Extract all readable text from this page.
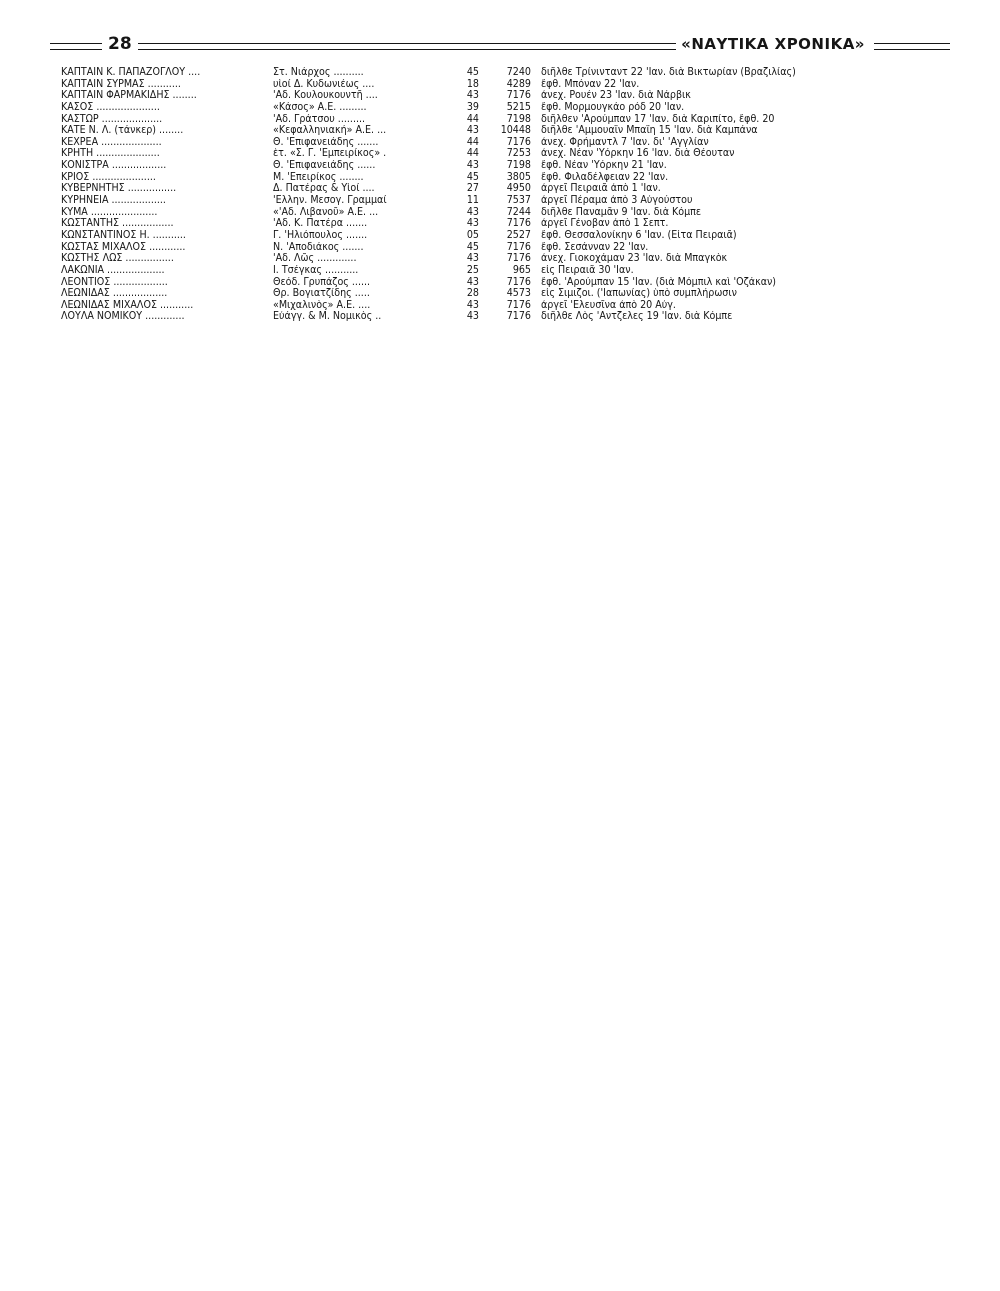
28	«ΝΑΥΤΙΚΑ ΧΡΟΝΙΚΑ»
ΚΑΠΤΑΙΝ Κ. ΠΑΠΑΖΟΓΛΟΥ ....	Στ. Νιάρχος ..........	45	7240 διῆλθε Τρίνινταντ 22 'Ιαν. διὰ Βικτωρίαν (Βραζιλίας)
ΚΑΠΤΑΙΝ ΣΥΡΜΑΣ ...........	υἱοί Δ. Κυδωνιέως ....	18	4289 ἔφθ. Μπόναν 22 'Ιαν.
ΚΑΠΤΑΙΝ ΦΑΡΜΑΚΙΔΗΣ ........	'Αδ. Κουλουκουντῆ ....	43	7176 ἀνεχ. Ρουέν 23 'Ιαν. διὰ Νάρβικ
ΚΑΣΟΣ .....................	«Κάσος» Α.Ε. .........	39	5215 ἔφθ. Μορμουγκάο ρόδ 20 'Ιαν.
ΚΑΣΤΩΡ ....................	'Αδ. Γράτσου .........	44	7198 διῆλθεν 'Αρούμπαν 17 'Ιαν. διὰ Καριπίτο, ἔφθ. 20
ΚΑΤΕ Ν. Λ. (τάνκερ) ........	«Κεφαλληνιακή» Α.Ε. ...	43	10448 διῆλθε 'Αμμουαΐν Μπαΐη 15 'Ιαν. διὰ Καμπάνα
ΚΕΧΡΕΑ ....................	Θ. 'Επιφανειάδης .......	44	7176 ἀνεχ. Φρήμαντλ 7 'Ιαν. δι' 'Αγγλίαν
ΚΡΗΤΗ .....................	ἑτ. «Σ. Γ. 'Εμπειρίκος» .	44	7253 ἀνεχ. Νέαν 'Υόρκην 16 'Ιαν. διὰ Θέουταν
ΚΟΝΙΣΤΡΑ ..................	Θ. 'Επιφανειάδης ......	43	7198 ἔφθ. Νέαν 'Υόρκην 21 'Ιαν.
ΚΡΙΟΣ .....................	Μ. 'Επειρίκος ........	45	3805 ἔφθ. Φιλαδέλφειαν 22 'Ιαν.
ΚΥΒΕΡΝΗΤΗΣ ................	Δ. Πατέρας & Υἱοί ....	27	4950 ἀργεῖ Πειραιᾶ ἀπὸ 1 'Ιαν.
ΚΥΡΗΝΕΙΑ ..................	'Ελλην. Μεσογ. Γραμμαί	11	7537 ἀργεῖ Πέραμα ἀπὸ 3 Αὐγούστου
ΚΥΜΑ ......................	«'Αδ. Λιβανοῦ» Α.Ε. ...	43	7244 διῆλθε Παναμᾶν 9 'Ιαν. διὰ Κόμπε
ΚΩΣΤΑΝΤΗΣ .................	'Αδ. Κ. Πατέρα .......	43	7176 ἀργεῖ Γένοβαν ἀπὸ 1 Σεπτ.
ΚΩΝΣΤΑΝΤΙΝΟΣ Η. ...........	Γ. 'Ηλιόπουλος .......	05	2527 ἔφθ. Θεσσαλονίκην 6 'Ιαν. (Εἶτα Πειραιᾶ)
ΚΩΣΤΑΣ ΜΙΧΑΛΟΣ ............	Ν. 'Αποδιάκος .......	45	7176 ἔφθ. Σεσάνναν 22 'Ιαν.
ΚΩΣΤΗΣ ΛΩΣ ................	'Αδ. Λῶς .............	43	7176 ἀνεχ. Γιοκοχάμαν 23 'Ιαν. διὰ Μπαγκὸκ
ΛΑΚΩΝΙΑ ...................	Ι. Τσέγκας ...........	25	965 εἰς Πειραιᾶ 30 'Ιαν.
ΛΕΟΝΤΙΟΣ ..................	Θεόδ. Γρυπάζος ......	43	7176 ἔφθ. 'Αρούμπαν 15 'Ιαν. (διὰ Μόμπιλ καὶ 'Οζάκαν)
ΛΕΩΝΙΔΑΣ ..................	Θρ. Βογιατζίδης .....	28	4573 εἰς Σιμιζοι. ('Ιαπωνίας) ὑπὸ συμπλήρωσιν
ΛΕΩΝΙΔΑΣ ΜΙΧΑΛΟΣ ...........	«Μιχαλινὸς» Α.Ε. ....	43	7176 ἀργεῖ 'Ελευσῖνα ἀπὸ 20 Αὐγ.
ΛΟΥΛΑ ΝΟΜΙΚΟΥ .............	Εὐάγγ. & Μ. Νομικὸς ..	43	7176 διῆλθε Λὸς 'Αντζελες 19 'Ιαν. διὰ Κόμπε
